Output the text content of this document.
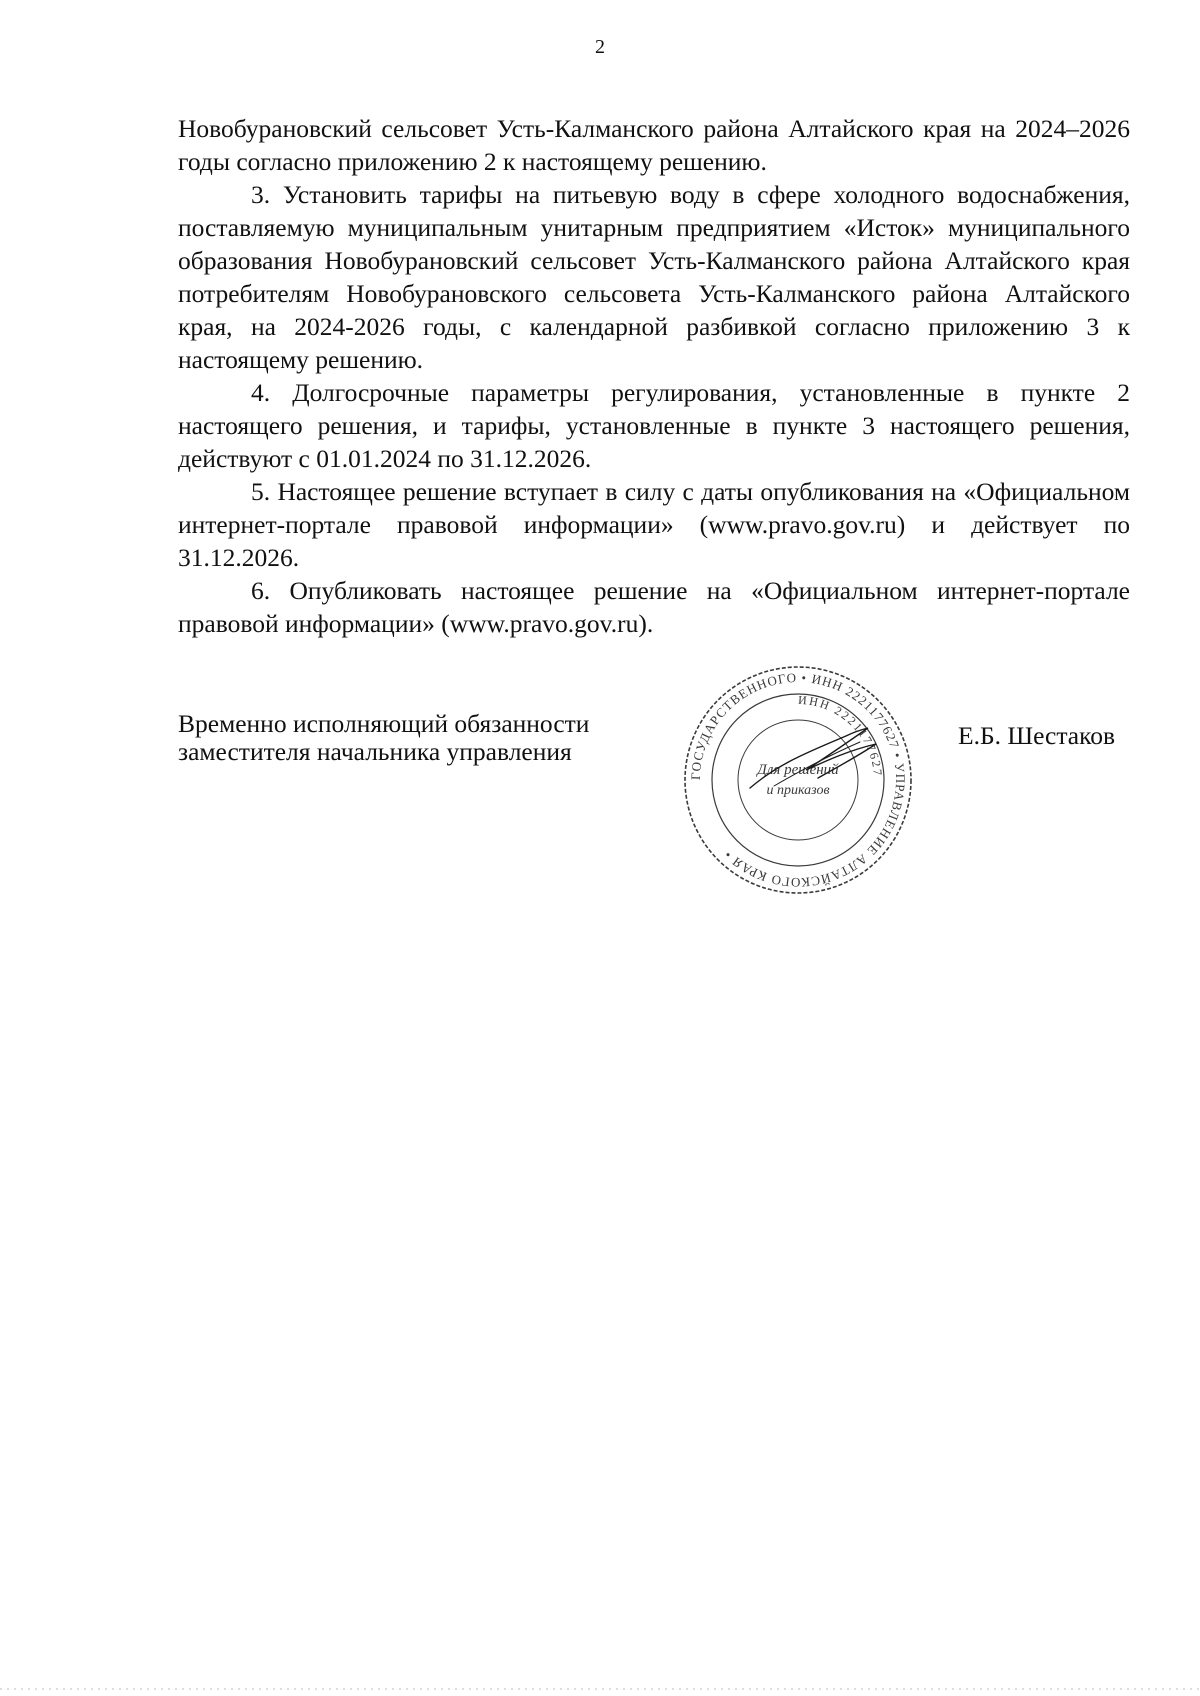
2

Новобурановский сельсовет Усть-Калманского района Алтайского края на 2024–2026 годы согласно приложению 2 к настоящему решению.

3. Установить тарифы на питьевую воду в сфере холодного водоснабжения, поставляемую муниципальным унитарным предприятием «Исток» муниципального образования Новобурановский сельсовет Усть-Калманского района Алтайского края потребителям Новобурановского сельсовета Усть-Калманского района Алтайского края, на 2024-2026 годы, с календарной разбивкой согласно приложению 3 к настоящему решению.

4. Долгосрочные параметры регулирования, установленные в пункте 2 настоящего решения, и тарифы, установленные в пункте 3 настоящего решения, действуют с 01.01.2024 по 31.12.2026.

5. Настоящее решение вступает в силу с даты опубликования на «Официальном интернет-портале правовой информации» (www.pravo.gov.ru) и действует по 31.12.2026.

6. Опубликовать настоящее решение на «Официальном интернет-портале правовой информации» (www.pravo.gov.ru).

Временно исполняющий обязанности
заместителя начальника управления
ГОСУДАРСТВЕННОГО • ИНН 2221177627 • УПРАВЛЕНИЕ АЛТАЙСКОГО КРАЯ •
ИНН 2221177627
Для решений
и приказов
Е.Б. Шестаков
